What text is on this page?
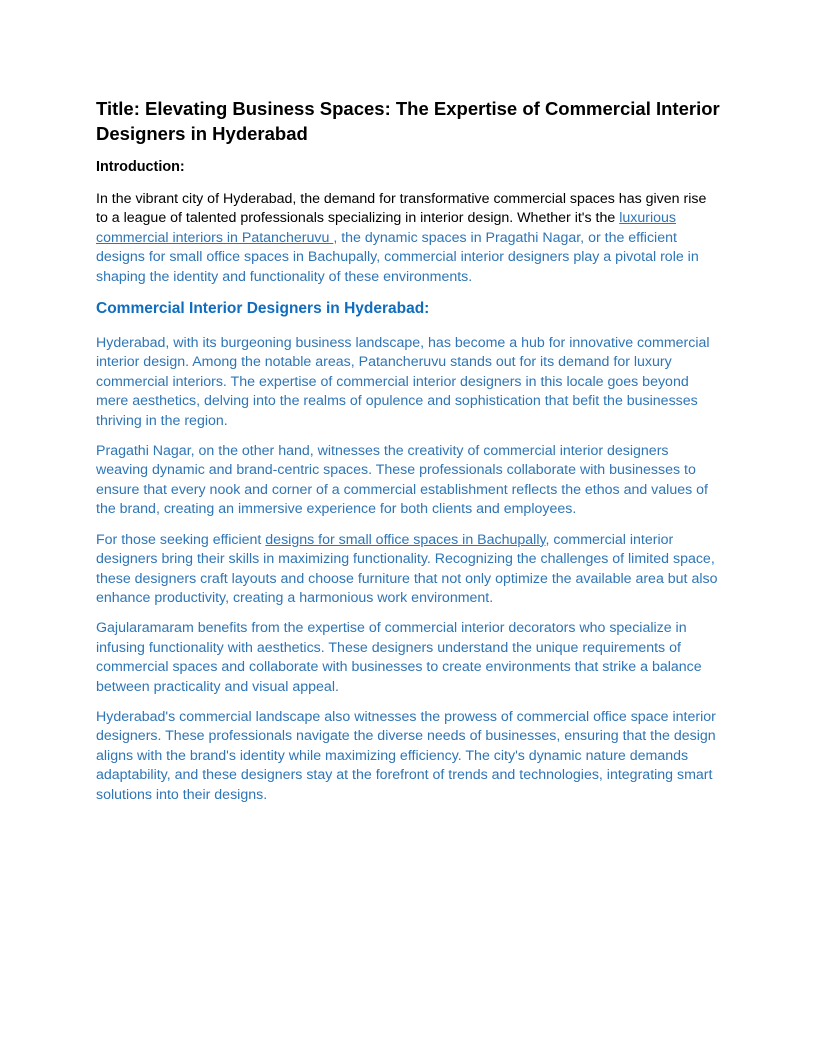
Title: Elevating Business Spaces: The Expertise of Commercial Interior Designers in Hyderabad
Introduction:

In the vibrant city of Hyderabad, the demand for transformative commercial spaces has given rise to a league of talented professionals specializing in interior design. Whether it's the luxurious commercial interiors in Patancheruvu , the dynamic spaces in Pragathi Nagar, or the efficient designs for small office spaces in Bachupally, commercial interior designers play a pivotal role in shaping the identity and functionality of these environments.

Commercial Interior Designers in Hyderabad:

Hyderabad, with its burgeoning business landscape, has become a hub for innovative commercial interior design. Among the notable areas, Patancheruvu stands out for its demand for luxury commercial interiors. The expertise of commercial interior designers in this locale goes beyond mere aesthetics, delving into the realms of opulence and sophistication that befit the businesses thriving in the region.

Pragathi Nagar, on the other hand, witnesses the creativity of commercial interior designers weaving dynamic and brand-centric spaces. These professionals collaborate with businesses to ensure that every nook and corner of a commercial establishment reflects the ethos and values of the brand, creating an immersive experience for both clients and employees.

For those seeking efficient designs for small office spaces in Bachupally, commercial interior designers bring their skills in maximizing functionality. Recognizing the challenges of limited space, these designers craft layouts and choose furniture that not only optimize the available area but also enhance productivity, creating a harmonious work environment.

Gajularamaram benefits from the expertise of commercial interior decorators who specialize in infusing functionality with aesthetics. These designers understand the unique requirements of commercial spaces and collaborate with businesses to create environments that strike a balance between practicality and visual appeal.

Hyderabad's commercial landscape also witnesses the prowess of commercial office space interior designers. These professionals navigate the diverse needs of businesses, ensuring that the design aligns with the brand's identity while maximizing efficiency. The city's dynamic nature demands adaptability, and these designers stay at the forefront of trends and technologies, integrating smart solutions into their designs.
